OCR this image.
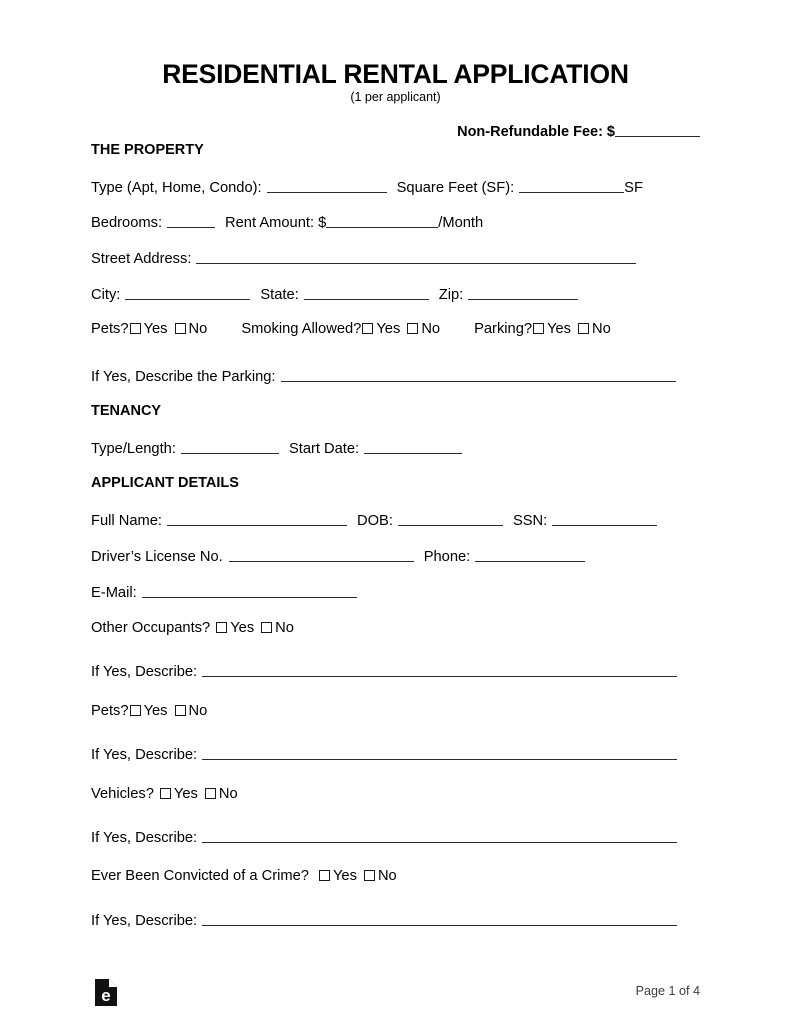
RESIDENTIAL RENTAL APPLICATION
(1 per applicant)
Non-Refundable Fee: $
THE PROPERTY
Type (Apt, Home, Condo):	Square Feet (SF):	SF
Bedrooms:	Rent Amount: $	/Month
Street Address:
City:	State:	Zip:
Pets? Yes No Smoking Allowed? Yes No Parking? Yes No
If Yes, Describe the Parking:
TENANCY
Type/Length:	Start Date:
APPLICANT DETAILS
Full Name:	DOB:	SSN:
Driver’s License No.	Phone:
E-Mail:
Other Occupants? Yes No
If Yes, Describe:
Pets? Yes No
If Yes, Describe:
Vehicles? Yes No
If Yes, Describe:
Ever Been Convicted of a Crime? Yes No
If Yes, Describe:
e	Page 1 of 4
